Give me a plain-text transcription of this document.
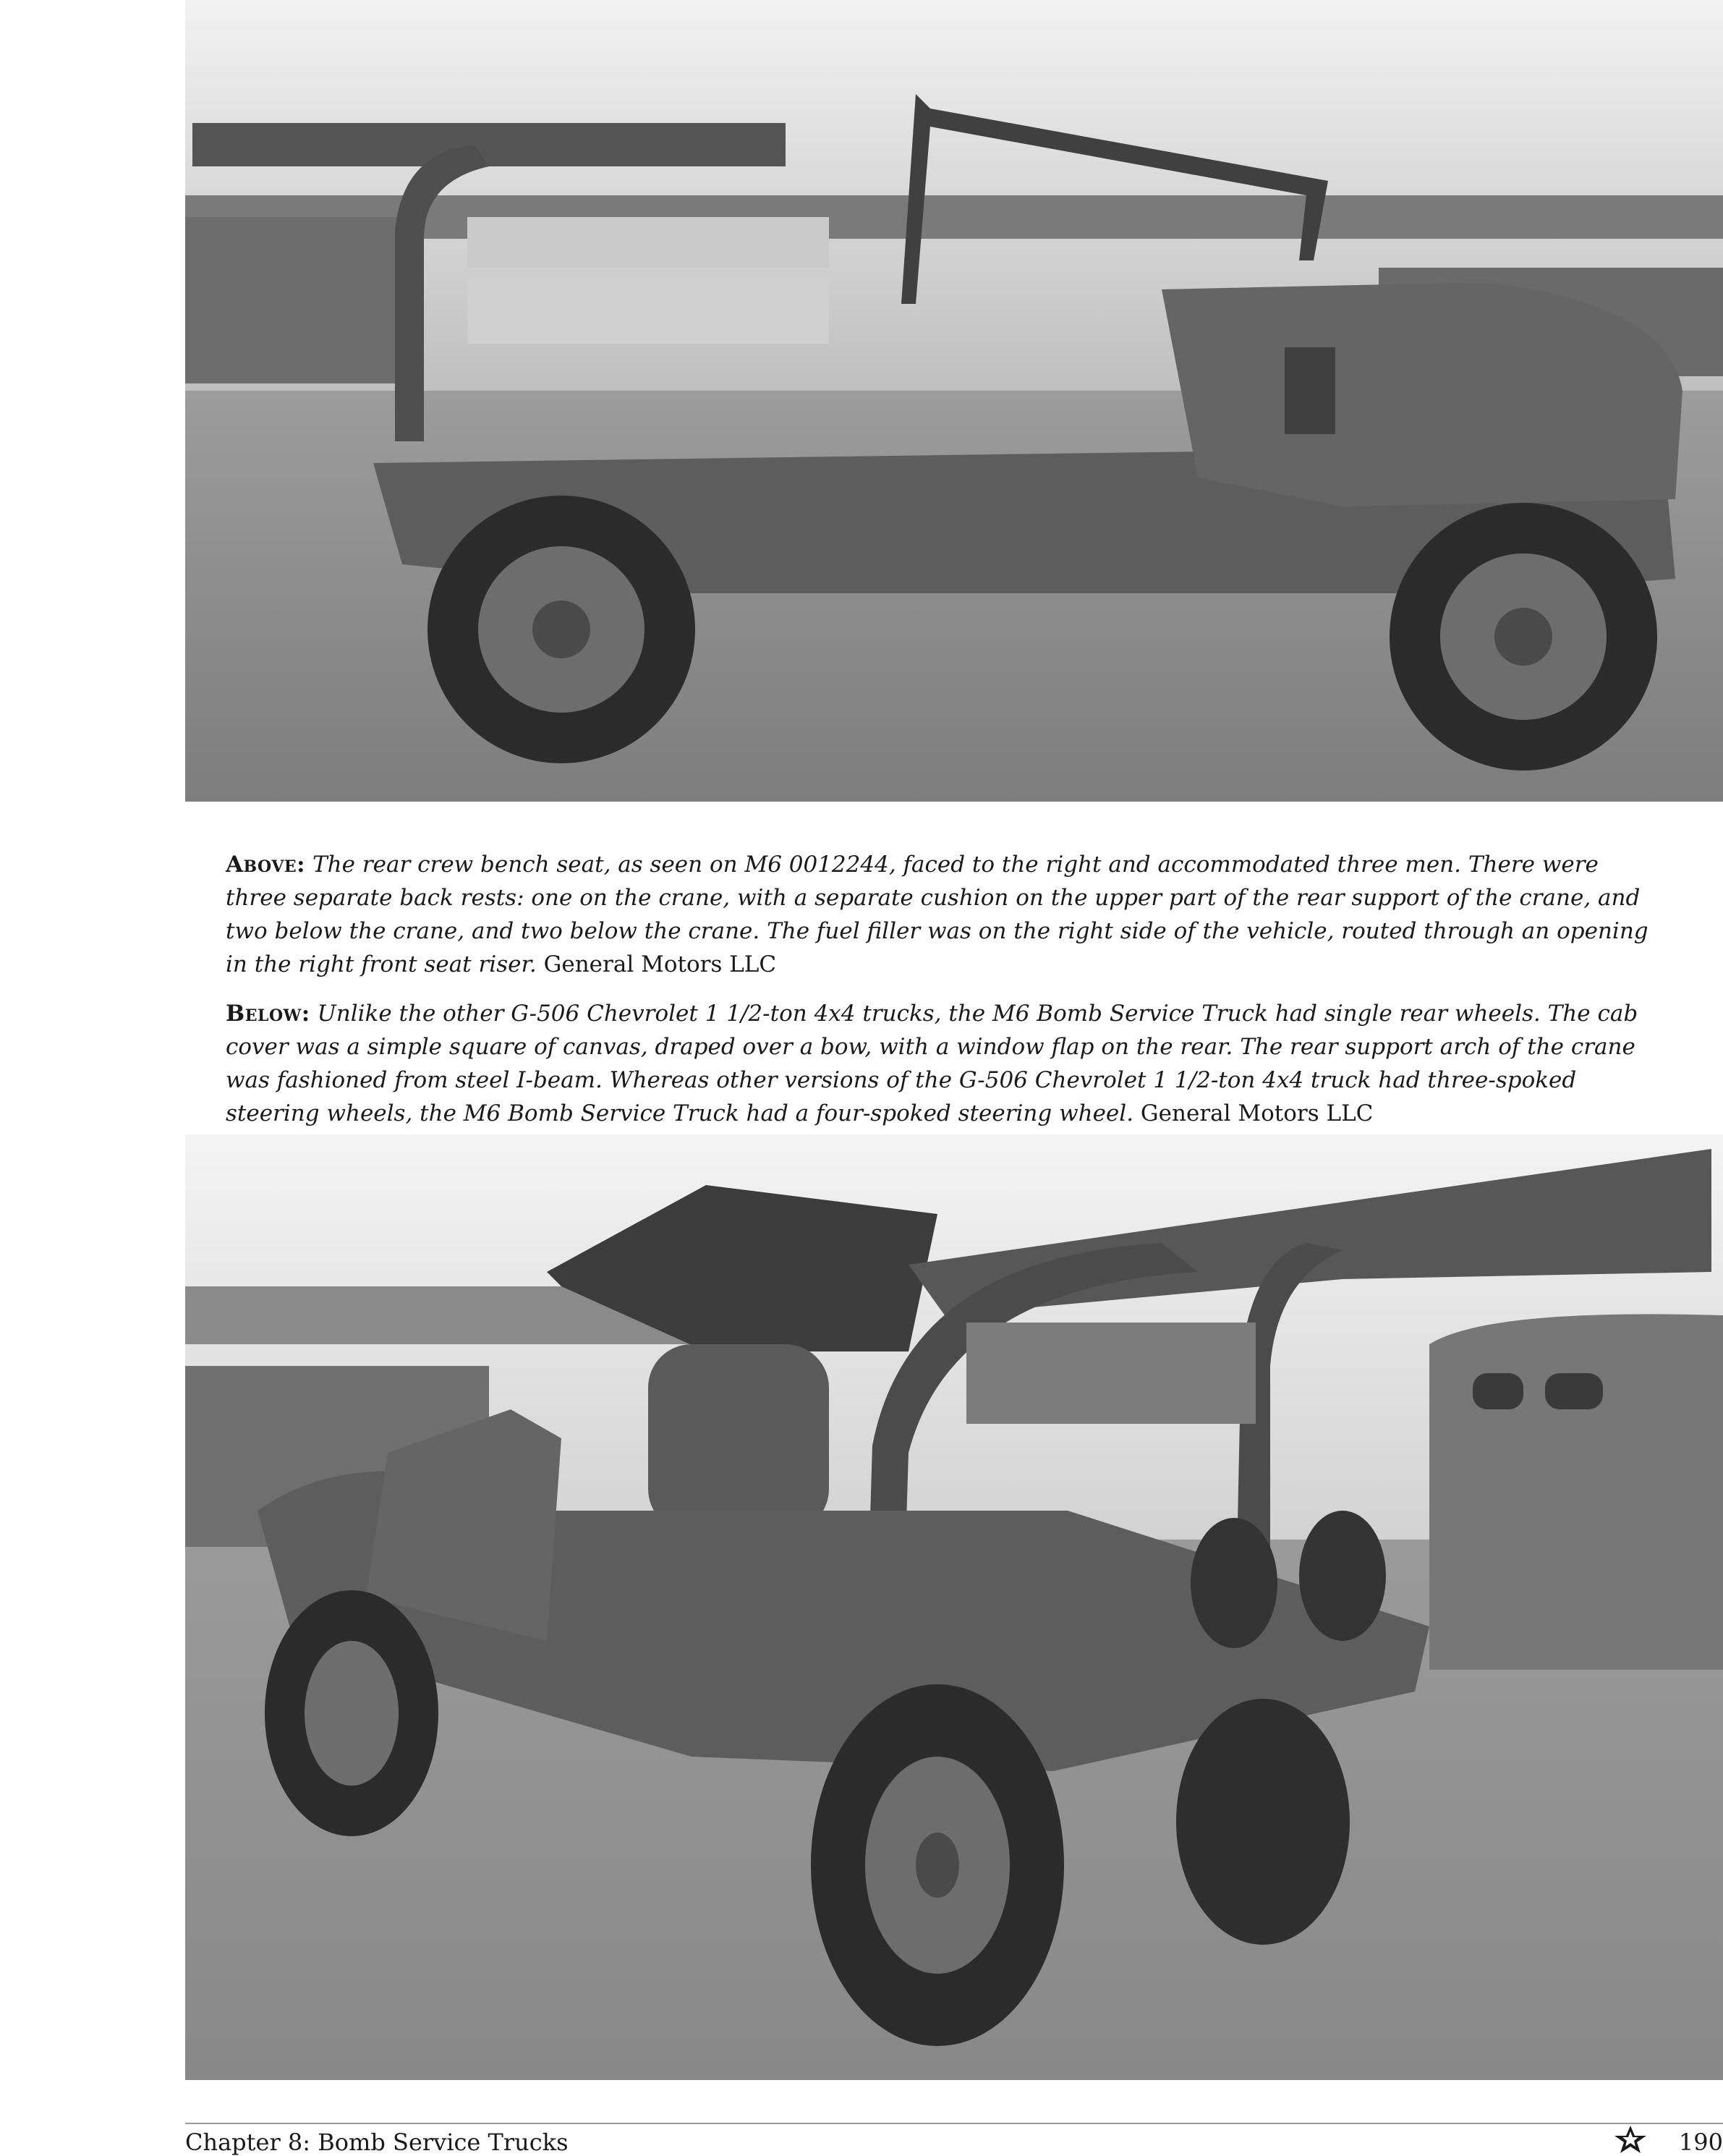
Above: The rear crew bench seat, as seen on M6 0012244, faced to the right and accommodated three men. There were three separate back rests: one on the crane, with a separate cushion on the upper part of the rear support of the crane, and two below the crane, and two below the crane. The fuel filler was on the right side of the vehicle, routed through an opening in the right front seat riser. General Motors LLC

Below: Unlike the other G-506 Chevrolet 1 1/2-ton 4x4 trucks, the M6 Bomb Service Truck had single rear wheels. The cab cover was a simple square of canvas, draped over a bow, with a window flap on the rear. The rear support arch of the crane was fashioned from steel I-beam. Whereas other versions of the G-506 Chevrolet 1 1/2-ton 4x4 truck had three-spoked steering wheels, the M6 Bomb Service Truck had a four-spoked steering wheel. General Motors LLC

Chapter 8: Bomb Service Trucks	190
